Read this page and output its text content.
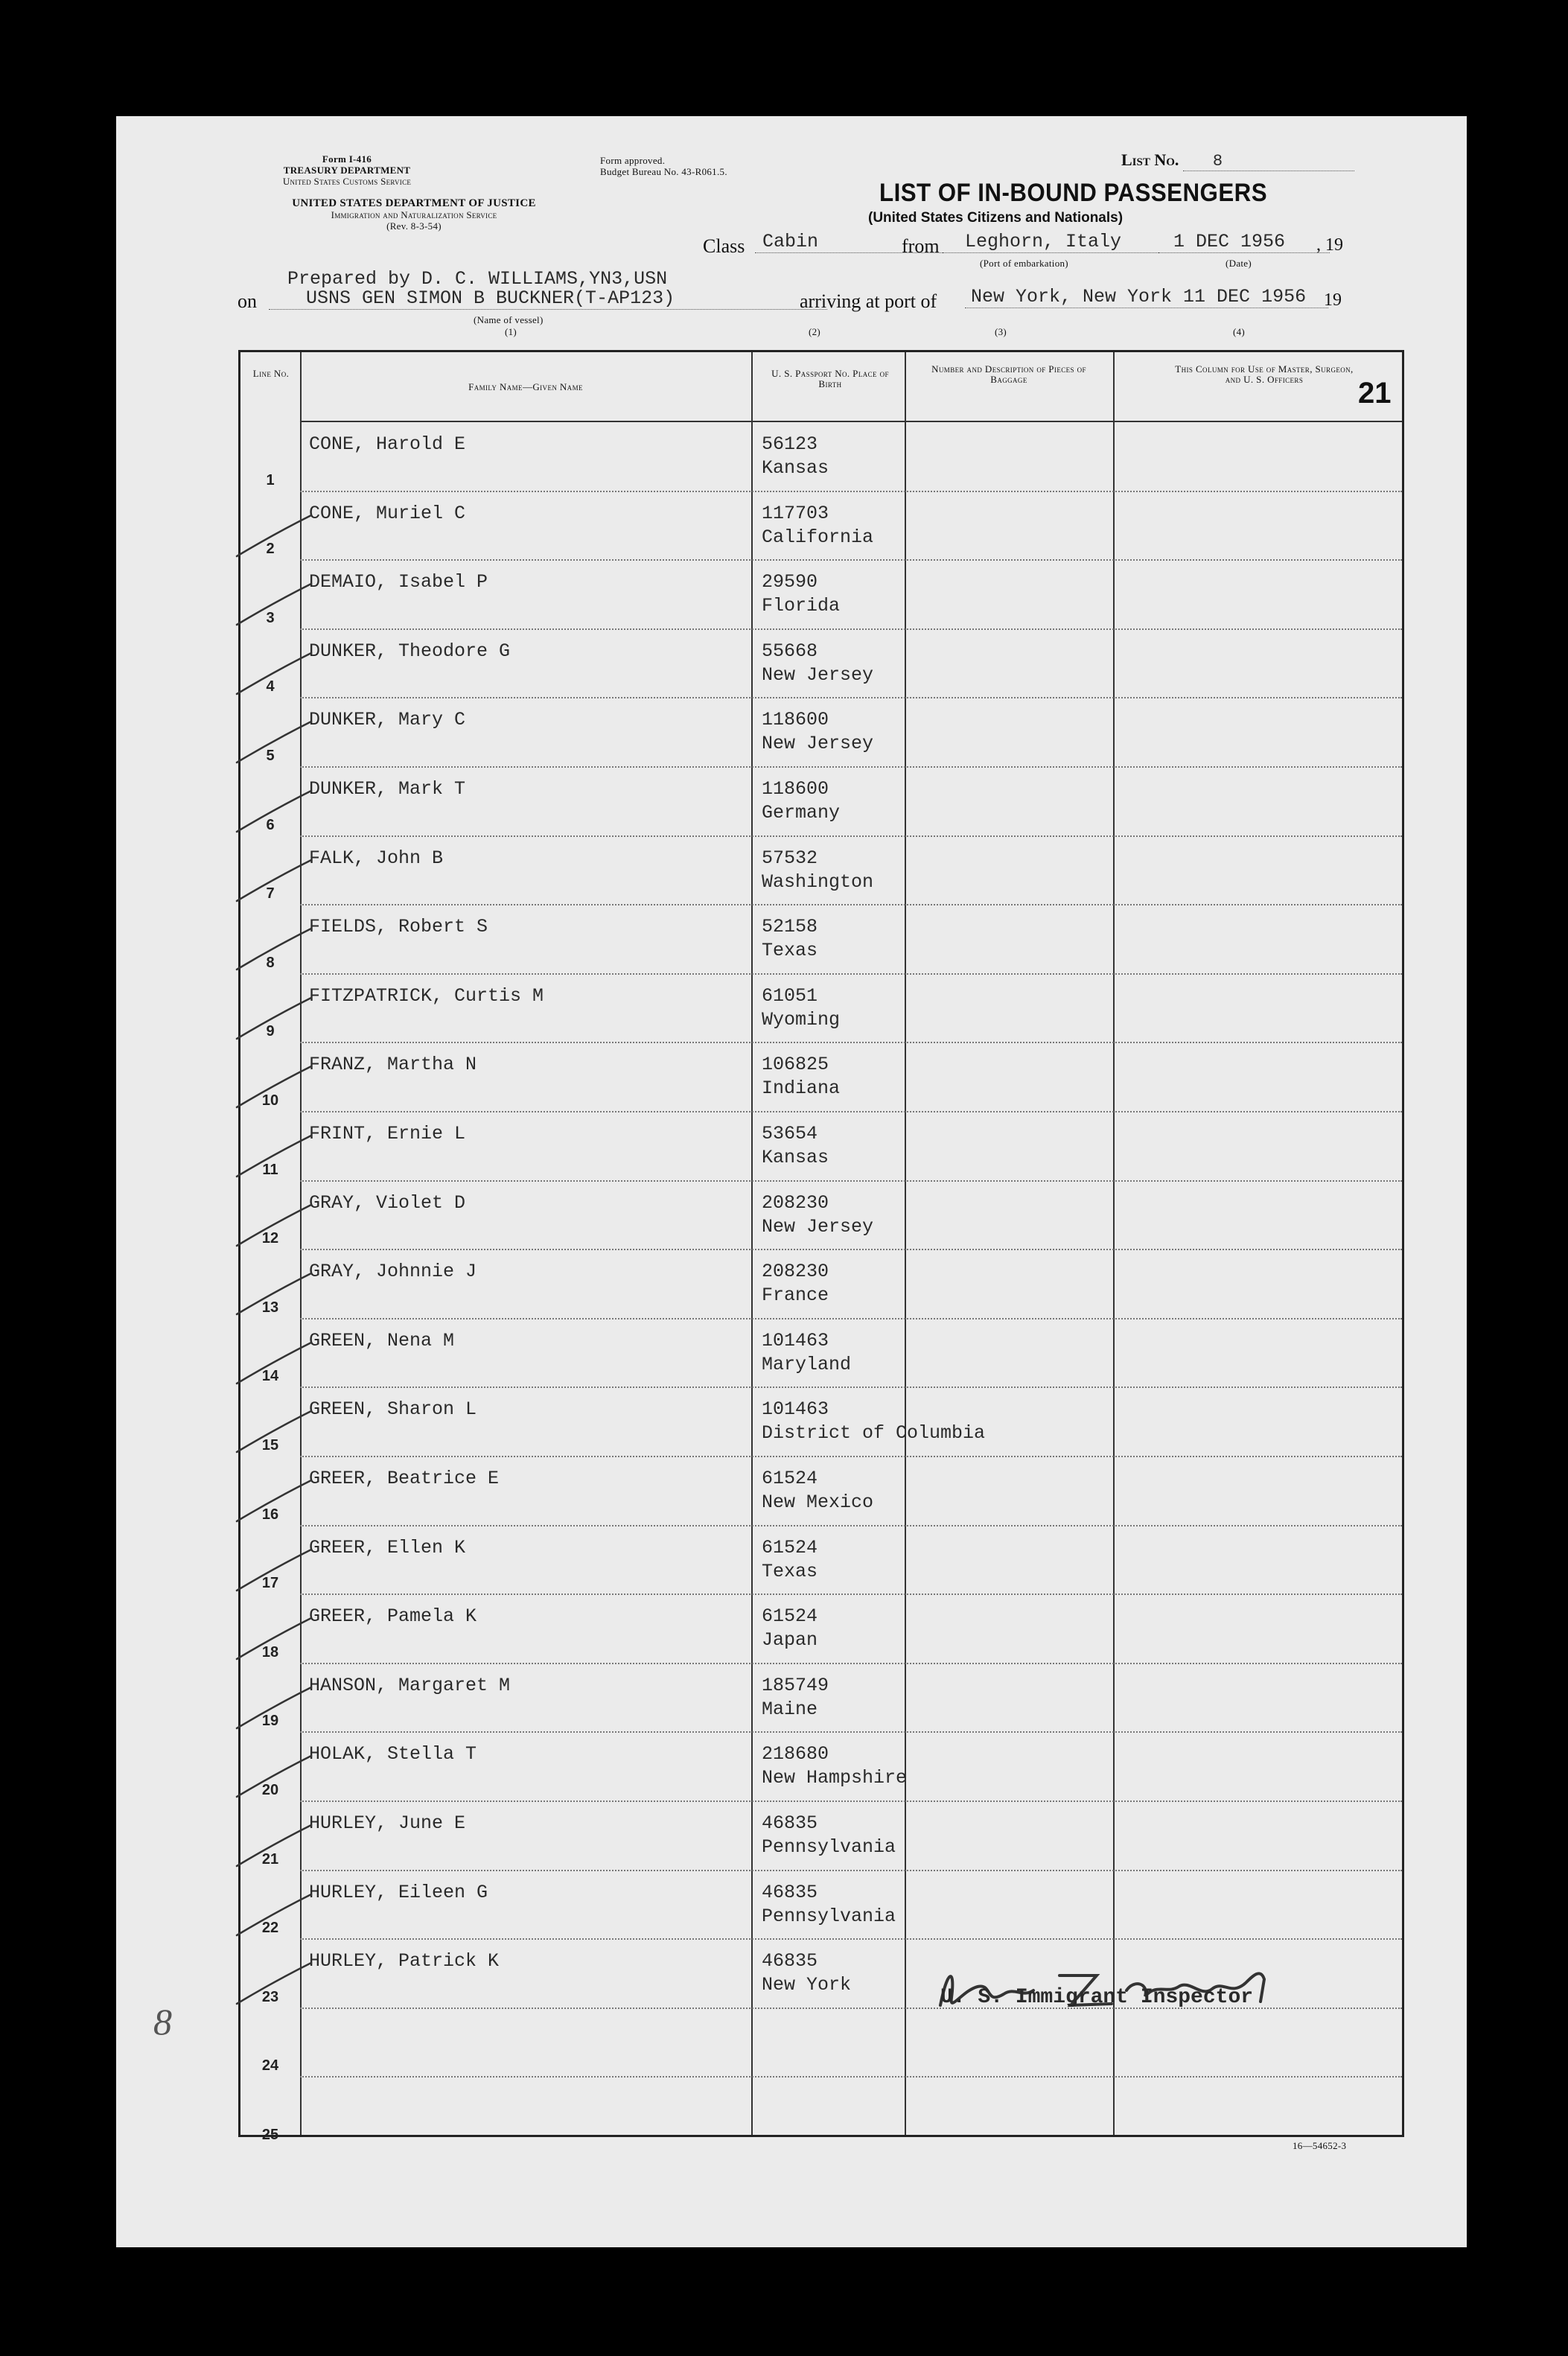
Form I-416
TREASURY DEPARTMENT
United States Customs Service
UNITED STATES DEPARTMENT OF JUSTICE
Immigration and Naturalization Service
(Rev. 8-3-54)
Form approved.
Budget Bureau No. 43-R061.5.
List No. 8
LIST OF IN-BOUND PASSENGERS
(United States Citizens and Nationals)
Class Cabin	from	Leghorn, Italy
(Port of embarkation)
1 DEC 1956	, 19
(Date)
Prepared by D. C. WILLIAMS,YN3,USN
on	USNS GEN SIMON B BUCKNER(T-AP123)
(Name of vessel)
(1)
arriving at port of	New York, New York 11 DEC 1956 19
(2)	(3)	(4)
21
16—54652-3
8
Line No.
Family Name—Given Name
U. S. Passport No. Place of Birth
Number and Description of Pieces of Baggage
This Column for Use of Master, Surgeon, and U. S. Officers
1
CONE, Harold E	56123
Kansas
2
CONE, Muriel C	117703
California
3
DEMAIO, Isabel P	29590
Florida
4
DUNKER, Theodore G	55668
New Jersey
5
DUNKER, Mary C	118600
New Jersey
6
DUNKER, Mark T	118600
Germany
7
FALK, John B	57532
Washington
8
FIELDS, Robert S	52158
Texas
9
FITZPATRICK, Curtis M	61051
Wyoming
10
FRANZ, Martha N	106825
Indiana
11
FRINT, Ernie L	53654
Kansas
12
GRAY, Violet D	208230
New Jersey
13
GRAY, Johnnie J	208230
France
14
GREEN, Nena M	101463
Maryland
15
GREEN, Sharon L	101463
District of Columbia
16
GREER, Beatrice E	61524
New Mexico
17
GREER, Ellen K	61524
Texas
18
GREER, Pamela K	61524
Japan
19
HANSON, Margaret M	185749
Maine
20
HOLAK, Stella T	218680
New Hampshire
21
HURLEY, June E	46835
Pennsylvania
22
HURLEY, Eileen G	46835
Pennsylvania
23
HURLEY, Patrick K	46835
New York
24
25
U. S. Immigrant Inspector
